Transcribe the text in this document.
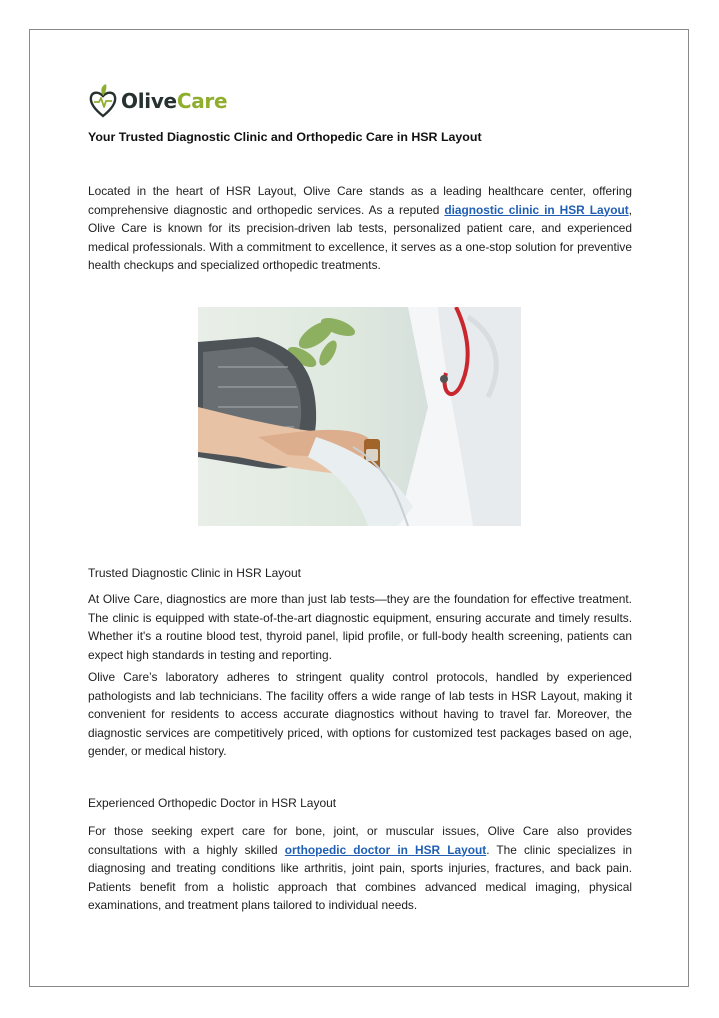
OliveCare
Your Trusted Diagnostic Clinic and Orthopedic Care in HSR Layout

Located in the heart of HSR Layout, Olive Care stands as a leading healthcare center, offering comprehensive diagnostic and orthopedic services. As a reputed diagnostic clinic in HSR Layout, Olive Care is known for its precision-driven lab tests, personalized patient care, and experienced medical professionals. With a commitment to excellence, it serves as a one-stop solution for preventive health checkups and specialized orthopedic treatments.

Trusted Diagnostic Clinic in HSR Layout

At Olive Care, diagnostics are more than just lab tests—they are the foundation for effective treatment. The clinic is equipped with state-of-the-art diagnostic equipment, ensuring accurate and timely results. Whether it's a routine blood test, thyroid panel, lipid profile, or full-body health screening, patients can expect high standards in testing and reporting.

Olive Care’s laboratory adheres to stringent quality control protocols, handled by experienced pathologists and lab technicians. The facility offers a wide range of lab tests in HSR Layout, making it convenient for residents to access accurate diagnostics without having to travel far. Moreover, the diagnostic services are competitively priced, with options for customized test packages based on age, gender, or medical history.

Experienced Orthopedic Doctor in HSR Layout

For those seeking expert care for bone, joint, or muscular issues, Olive Care also provides consultations with a highly skilled orthopedic doctor in HSR Layout. The clinic specializes in diagnosing and treating conditions like arthritis, joint pain, sports injuries, fractures, and back pain. Patients benefit from a holistic approach that combines advanced medical imaging, physical examinations, and treatment plans tailored to individual needs.
